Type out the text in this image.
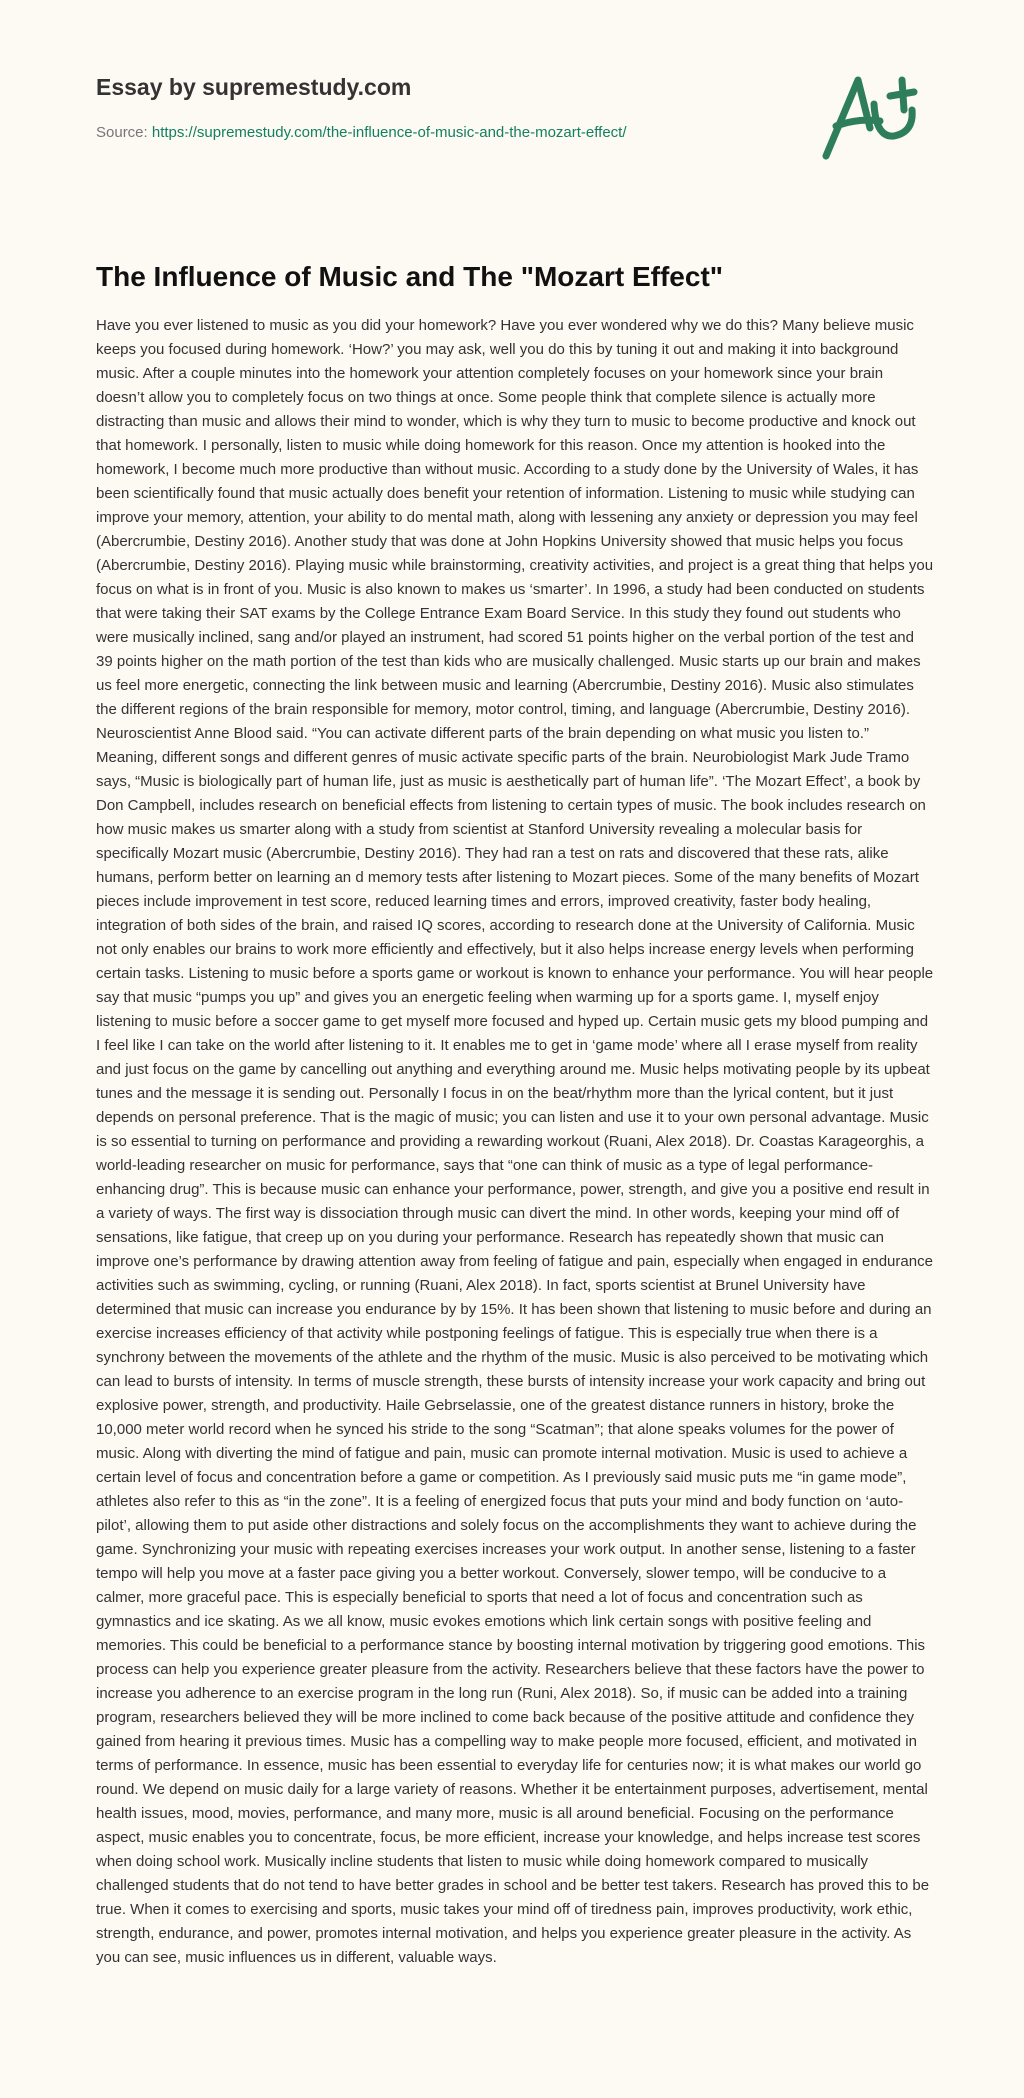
Essay by supremestudy.com
Source: https://supremestudy.com/the-influence-of-music-and-the-mozart-effect/
The Influence of Music and The "Mozart Effect"

Have you ever listened to music as you did your homework? Have you ever wondered why we do this? Many believe music keeps you focused during homework. ‘How?’ you may ask, well you do this by tuning it out and making it into background music. After a couple minutes into the homework your attention completely focuses on your homework since your brain doesn’t allow you to completely focus on two things at once. Some people think that complete silence is actually more distracting than music and allows their mind to wonder, which is why they turn to music to become productive and knock out that homework. I personally, listen to music while doing homework for this reason. Once my attention is hooked into the homework, I become much more productive than without music. According to a study done by the University of Wales, it has been scientifically found that music actually does benefit your retention of information. Listening to music while studying can improve your memory, attention, your ability to do mental math, along with lessening any anxiety or depression you may feel (Abercrumbie, Destiny 2016). Another study that was done at John Hopkins University showed that music helps you focus (Abercrumbie, Destiny 2016). Playing music while brainstorming, creativity activities, and project is a great thing that helps you focus on what is in front of you. Music is also known to makes us ‘smarter’. In 1996, a study had been conducted on students that were taking their SAT exams by the College Entrance Exam Board Service. In this study they found out students who were musically inclined, sang and/or played an instrument, had scored 51 points higher on the verbal portion of the test and 39 points higher on the math portion of the test than kids who are musically challenged. Music starts up our brain and makes us feel more energetic, connecting the link between music and learning (Abercrumbie, Destiny 2016). Music also stimulates the different regions of the brain responsible for memory, motor control, timing, and language (Abercrumbie, Destiny 2016). Neuroscientist Anne Blood said. “You can activate different parts of the brain depending on what music you listen to.” Meaning, different songs and different genres of music activate specific parts of the brain. Neurobiologist Mark Jude Tramo says, “Music is biologically part of human life, just as music is aesthetically part of human life”. ‘The Mozart Effect’, a book by Don Campbell, includes research on beneficial effects from listening to certain types of music. The book includes research on how music makes us smarter along with a study from scientist at Stanford University revealing a molecular basis for specifically Mozart music (Abercrumbie, Destiny 2016). They had ran a test on rats and discovered that these rats, alike humans, perform better on learning an d memory tests after listening to Mozart pieces. Some of the many benefits of Mozart pieces include improvement in test score, reduced learning times and errors, improved creativity, faster body healing, integration of both sides of the brain, and raised IQ scores, according to research done at the University of California. Music not only enables our brains to work more efficiently and effectively, but it also helps increase energy levels when performing certain tasks. Listening to music before a sports game or workout is known to enhance your performance. You will hear people say that music “pumps you up” and gives you an energetic feeling when warming up for a sports game. I, myself enjoy listening to music before a soccer game to get myself more focused and hyped up. Certain music gets my blood pumping and I feel like I can take on the world after listening to it. It enables me to get in ‘game mode’ where all I erase myself from reality and just focus on the game by cancelling out anything and everything around me. Music helps motivating people by its upbeat tunes and the message it is sending out. Personally I focus in on the beat/rhythm more than the lyrical content, but it just depends on personal preference. That is the magic of music; you can listen and use it to your own personal advantage. Music is so essential to turning on performance and providing a rewarding workout (Ruani, Alex 2018). Dr. Coastas Karageorghis, a world-leading researcher on music for performance, says that “one can think of music as a type of legal performance-enhancing drug”. This is because music can enhance your performance, power, strength, and give you a positive end result in a variety of ways. The first way is dissociation through music can divert the mind. In other words, keeping your mind off of sensations, like fatigue, that creep up on you during your performance. Research has repeatedly shown that music can improve one’s performance by drawing attention away from feeling of fatigue and pain, especially when engaged in endurance activities such as swimming, cycling, or running (Ruani, Alex 2018). In fact, sports scientist at Brunel University have determined that music can increase you endurance by by 15%. It has been shown that listening to music before and during an exercise increases efficiency of that activity while postponing feelings of fatigue. This is especially true when there is a synchrony between the movements of the athlete and the rhythm of the music. Music is also perceived to be motivating which can lead to bursts of intensity. In terms of muscle strength, these bursts of intensity increase your work capacity and bring out explosive power, strength, and productivity. Haile Gebrselassie, one of the greatest distance runners in history, broke the 10,000 meter world record when he synced his stride to the song “Scatman”; that alone speaks volumes for the power of music. Along with diverting the mind of fatigue and pain, music can promote internal motivation. Music is used to achieve a certain level of focus and concentration before a game or competition. As I previously said music puts me “in game mode”, athletes also refer to this as “in the zone”. It is a feeling of energized focus that puts your mind and body function on ‘auto-pilot’, allowing them to put aside other distractions and solely focus on the accomplishments they want to achieve during the game. Synchronizing your music with repeating exercises increases your work output. In another sense, listening to a faster tempo will help you move at a faster pace giving you a better workout. Conversely, slower tempo, will be conducive to a calmer, more graceful pace. This is especially beneficial to sports that need a lot of focus and concentration such as gymnastics and ice skating. As we all know, music evokes emotions which link certain songs with positive feeling and memories. This could be beneficial to a performance stance by boosting internal motivation by triggering good emotions. This process can help you experience greater pleasure from the activity. Researchers believe that these factors have the power to increase you adherence to an exercise program in the long run (Runi, Alex 2018). So, if music can be added into a training program, researchers believed they will be more inclined to come back because of the positive attitude and confidence they gained from hearing it previous times. Music has a compelling way to make people more focused, efficient, and motivated in terms of performance. In essence, music has been essential to everyday life for centuries now; it is what makes our world go round. We depend on music daily for a large variety of reasons. Whether it be entertainment purposes, advertisement, mental health issues, mood, movies, performance, and many more, music is all around beneficial. Focusing on the performance aspect, music enables you to concentrate, focus, be more efficient, increase your knowledge, and helps increase test scores when doing school work. Musically incline students that listen to music while doing homework compared to musically challenged students that do not tend to have better grades in school and be better test takers. Research has proved this to be true. When it comes to exercising and sports, music takes your mind off of tiredness pain, improves productivity, work ethic, strength, endurance, and power, promotes internal motivation, and helps you experience greater pleasure in the activity. As you can see, music influences us in different, valuable ways.
